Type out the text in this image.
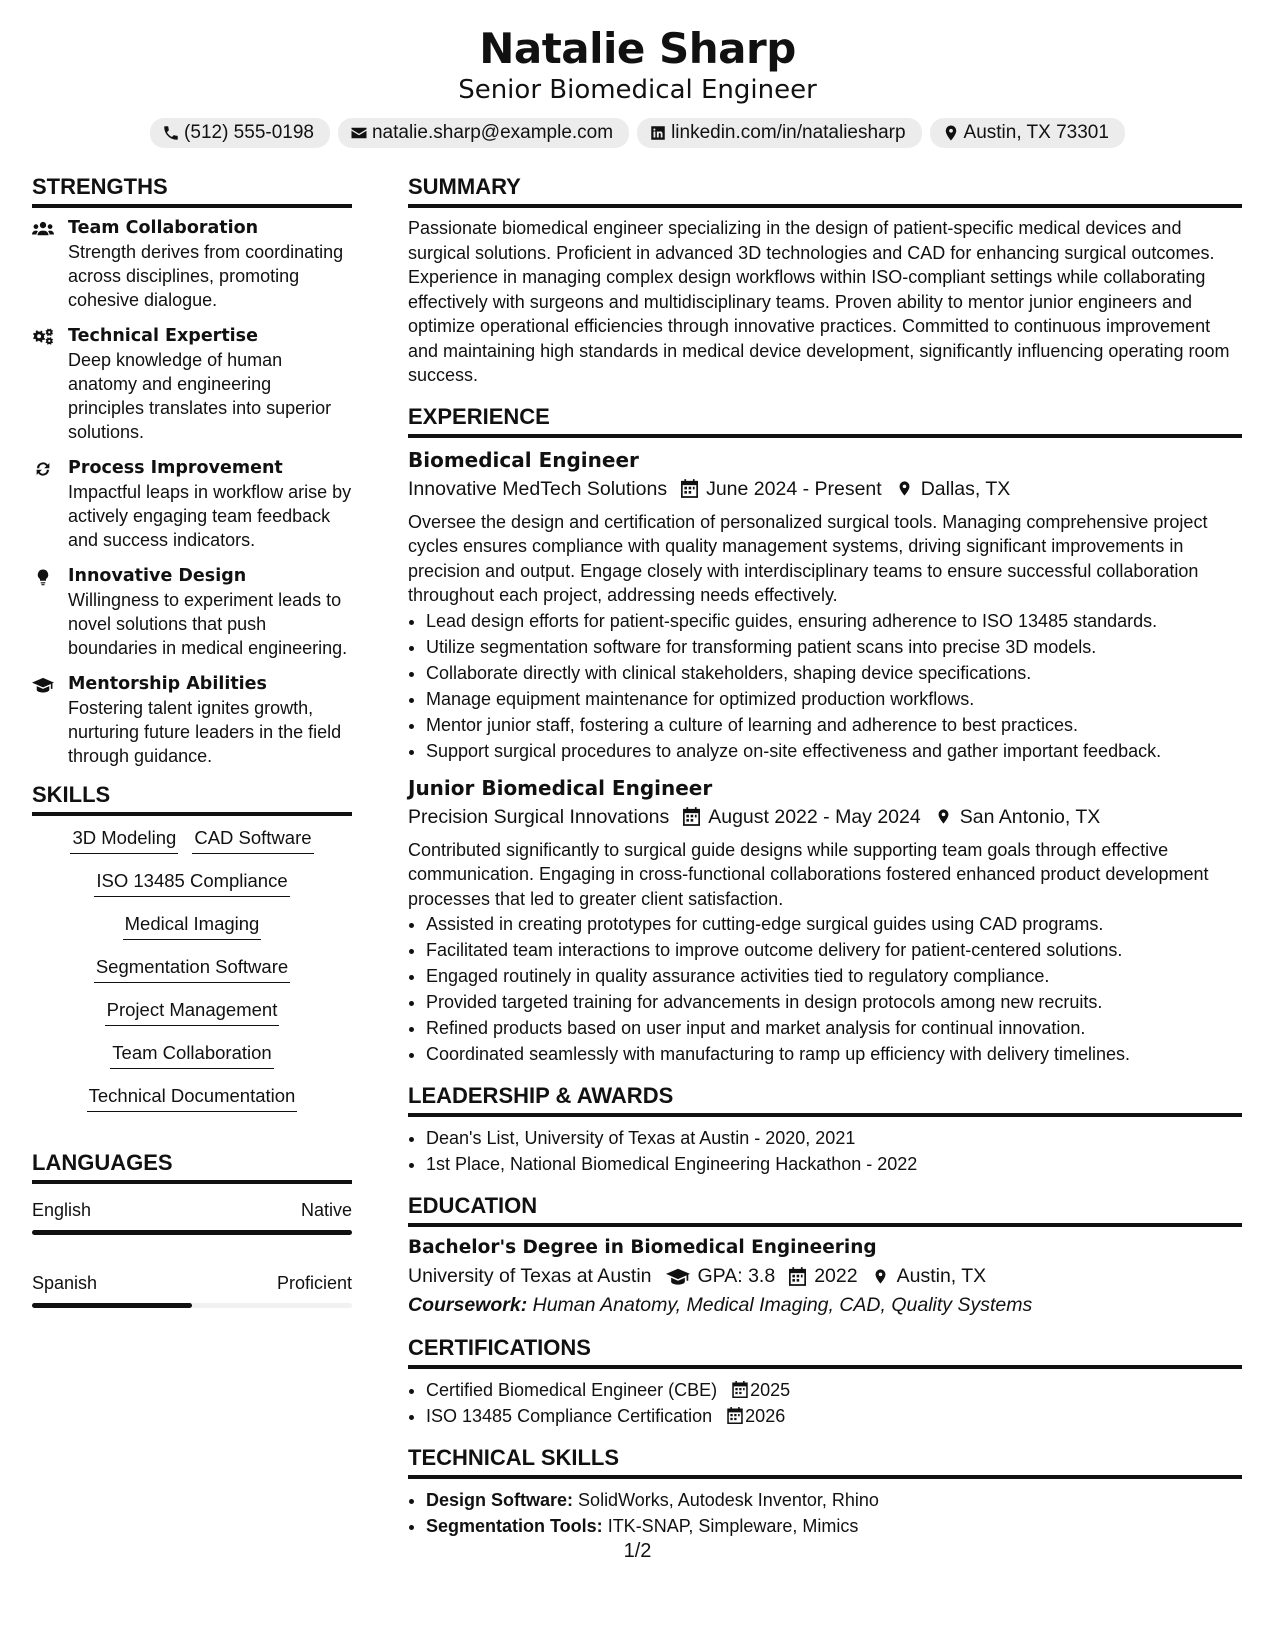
Natalie Sharp
Senior Biomedical Engineer
(512) 555-0198	natalie.sharp@example.com	linkedin.com/in/nataliesharp	Austin, TX 73301
STRENGTHS
Team Collaboration
Strength derives from coordinating across disciplines, promoting cohesive dialogue.
Technical Expertise
Deep knowledge of human anatomy and engineering principles translates into superior solutions.
Process Improvement
Impactful leaps in workflow arise by actively engaging team feedback and success indicators.
Innovative Design
Willingness to experiment leads to novel solutions that push boundaries in medical engineering.
Mentorship Abilities
Fostering talent ignites growth, nurturing future leaders in the field through guidance.
SKILLS
3D Modeling CAD Software
ISO 13485 Compliance
Medical Imaging
Segmentation Software
Project Management
Team Collaboration
Technical Documentation
LANGUAGES
English	Native
Spanish	Proficient
SUMMARY

Passionate biomedical engineer specializing in the design of patient-specific medical devices and surgical solutions. Proficient in advanced 3D technologies and CAD for enhancing surgical outcomes. Experience in managing complex design workflows within ISO-compliant settings while collaborating effectively with surgeons and multidisciplinary teams. Proven ability to mentor junior engineers and optimize operational efficiencies through innovative practices. Committed to continuous improvement and maintaining high standards in medical device development, significantly influencing operating room success.

EXPERIENCE
Biomedical Engineer
Innovative MedTech Solutions June 2024 - Present Dallas, TX

Oversee the design and certification of personalized surgical tools. Managing comprehensive project cycles ensures compliance with quality management systems, driving significant improvements in precision and output. Engage closely with interdisciplinary teams to ensure successful collaboration throughout each project, addressing needs effectively.

• Lead design efforts for patient-specific guides, ensuring adherence to ISO 13485 standards.
• Utilize segmentation software for transforming patient scans into precise 3D models.
• Collaborate directly with clinical stakeholders, shaping device specifications.
• Manage equipment maintenance for optimized production workflows.
• Mentor junior staff, fostering a culture of learning and adherence to best practices.
• Support surgical procedures to analyze on-site effectiveness and gather important feedback.
Junior Biomedical Engineer
Precision Surgical Innovations August 2022 - May 2024 San Antonio, TX

Contributed significantly to surgical guide designs while supporting team goals through effective communication. Engaging in cross-functional collaborations fostered enhanced product development processes that led to greater client satisfaction.

• Assisted in creating prototypes for cutting-edge surgical guides using CAD programs.
• Facilitated team interactions to improve outcome delivery for patient-centered solutions.
• Engaged routinely in quality assurance activities tied to regulatory compliance.
• Provided targeted training for advancements in design protocols among new recruits.
• Refined products based on user input and market analysis for continual innovation.
• Coordinated seamlessly with manufacturing to ramp up efficiency with delivery timelines.
LEADERSHIP & AWARDS
• Dean's List, University of Texas at Austin - 2020, 2021
• 1st Place, National Biomedical Engineering Hackathon - 2022
EDUCATION
Bachelor's Degree in Biomedical Engineering
University of Texas at Austin GPA: 3.8 2022 Austin, TX
Coursework: Human Anatomy, Medical Imaging, CAD, Quality Systems
CERTIFICATIONS
• Certified Biomedical Engineer (CBE) 2025
• ISO 13485 Compliance Certification 2026
TECHNICAL SKILLS
• Design Software: SolidWorks, Autodesk Inventor, Rhino
• Segmentation Tools: ITK-SNAP, Simpleware, Mimics
1/2
